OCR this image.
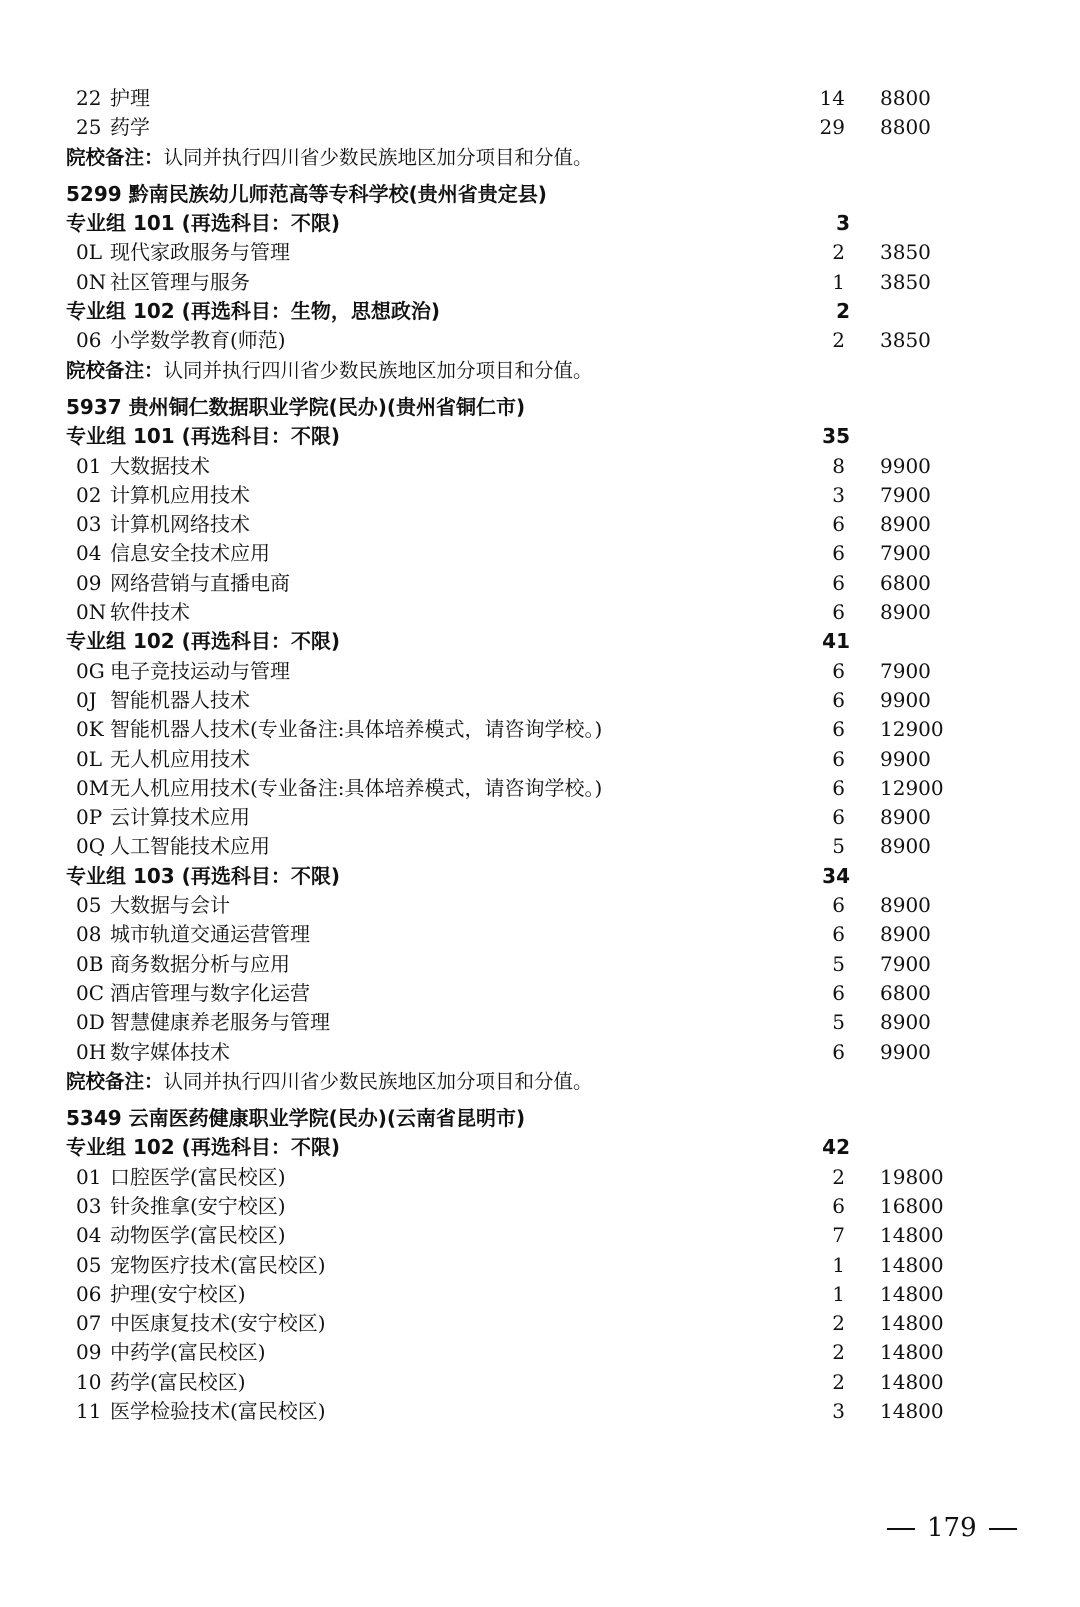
22 护理	14 8800
25 药学	29 8800
院校备注：认同并执行四川省少数民族地区加分项目和分值。
5299 黔南民族幼儿师范高等专科学校(贵州省贵定县)
专业组 101 (再选科目：不限)	3
0L 现代家政服务与管理	2 3850
0N 社区管理与服务	1 3850
专业组 102 (再选科目：生物，思想政治)	2
06 小学数学教育(师范)	2 3850
院校备注：认同并执行四川省少数民族地区加分项目和分值。
5937 贵州铜仁数据职业学院(民办)(贵州省铜仁市)
专业组 101 (再选科目：不限)	35
01 大数据技术	8 9900
02 计算机应用技术	3 7900
03 计算机网络技术	6 8900
04 信息安全技术应用	6 7900
09 网络营销与直播电商	6 6800
0N 软件技术	6 8900
专业组 102 (再选科目：不限)	41
0G 电子竞技运动与管理	6 7900
0J 智能机器人技术	6 9900
0K 智能机器人技术(专业备注:具体培养模式，请咨询学校。)	6 12900
0L 无人机应用技术	6 9900
0M 无人机应用技术(专业备注:具体培养模式，请咨询学校。)	6 12900
0P 云计算技术应用	6 8900
0Q 人工智能技术应用	5 8900
专业组 103 (再选科目：不限)	34
05 大数据与会计	6 8900
08 城市轨道交通运营管理	6 8900
0B 商务数据分析与应用	5 7900
0C 酒店管理与数字化运营	6 6800
0D 智慧健康养老服务与管理	5 8900
0H 数字媒体技术	6 9900
院校备注：认同并执行四川省少数民族地区加分项目和分值。
5349 云南医药健康职业学院(民办)(云南省昆明市)
专业组 102 (再选科目：不限)	42
01 口腔医学(富民校区)	2 19800
03 针灸推拿(安宁校区)	6 16800
04 动物医学(富民校区)	7 14800
05 宠物医疗技术(富民校区)	1 14800
06 护理(安宁校区)	1 14800
07 中医康复技术(安宁校区)	2 14800
09 中药学(富民校区)	2 14800
10 药学(富民校区)	2 14800
11 医学检验技术(富民校区)	3 14800
179
